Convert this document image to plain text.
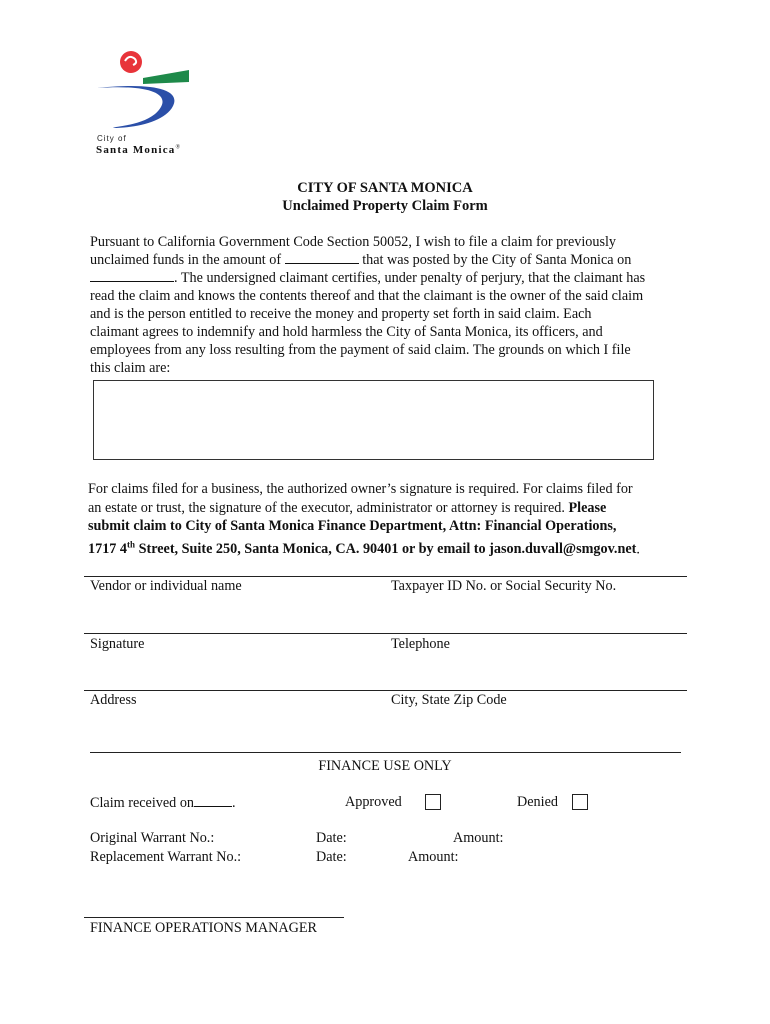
City of
Santa Monica®
CITY OF SANTA MONICA
Unclaimed Property Claim Form
Pursuant to California Government Code Section 50052, I wish to file a claim for previously
unclaimed funds in the amount of	that was posted by the City of Santa Monica on
. The undersigned claimant certifies, under penalty of perjury, that the claimant has
read the claim and knows the contents thereof and that the claimant is the owner of the said claim
and is the person entitled to receive the money and property set forth in said claim. Each
claimant agrees to indemnify and hold harmless the City of Santa Monica, its officers, and
employees from any loss resulting from the payment of said claim. The grounds on which I file
this claim are:
For claims filed for a business, the authorized owner’s signature is required. For claims filed for
an estate or trust, the signature of the executor, administrator or attorney is required. Please
submit claim to City of Santa Monica Finance Department, Attn: Financial Operations,
1717 4th Street, Suite 250, Santa Monica, CA. 90401 or by email to jason.duvall@smgov.net.
Vendor or individual name	Taxpayer ID No. or Social Security No.
Signature	Telephone
Address	City, State Zip Code
FINANCE USE ONLY
Claim received on	.	Approved	Denied
Original Warrant No.:	Date:	Amount:
Replacement Warrant No.:	Date:	Amount:
FINANCE OPERATIONS MANAGER
